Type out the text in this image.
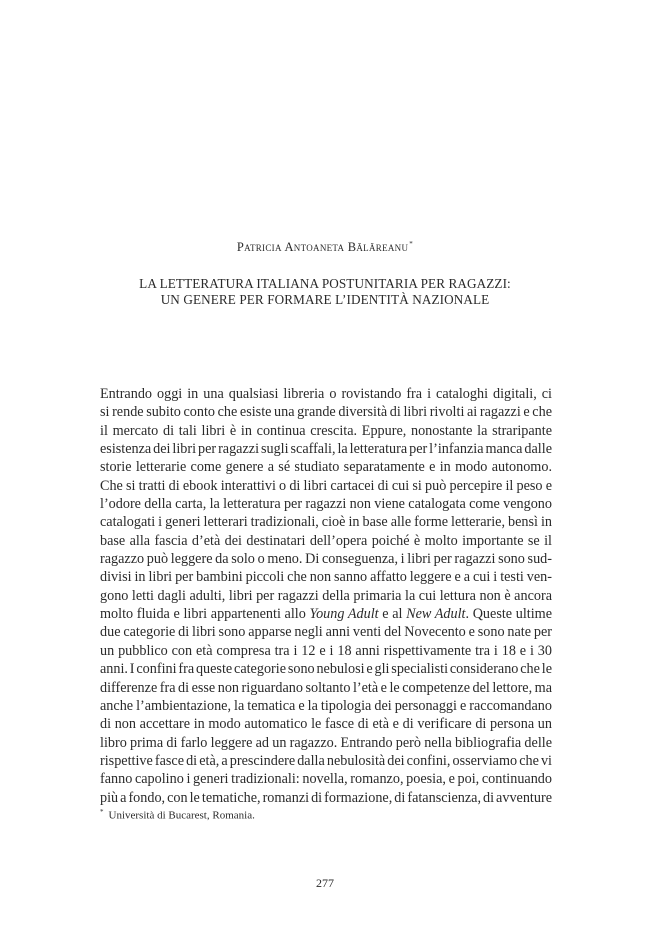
Patricia Antoaneta Bălăreanu*
LA LETTERATURA ITALIANA POSTUNITARIA PER RAGAZZI:
UN GENERE PER FORMARE L’IDENTITÀ NAZIONALE
Entrando oggi in una qualsiasi libreria o rovistando fra i cataloghi digitali, ci
si rende subito conto che esiste una grande diversità di libri rivolti ai ragazzi e che
il mercato di tali libri è in continua crescita. Eppure, nonostante la straripante
esistenza dei libri per ragazzi sugli scaffali, la letteratura per l’infanzia manca dalle
storie letterarie come genere a sé studiato separatamente e in modo autonomo.
Che si tratti di ebook interattivi o di libri cartacei di cui si può percepire il peso e
l’odore della carta, la letteratura per ragazzi non viene catalogata come vengono
catalogati i generi letterari tradizionali, cioè in base alle forme letterarie, bensì in
base alla fascia d’età dei destinatari dell’opera poiché è molto importante se il
ragazzo può leggere da solo o meno. Di conseguenza, i libri per ragazzi sono sud-
divisi in libri per bambini piccoli che non sanno affatto leggere e a cui i testi ven-
gono letti dagli adulti, libri per ragazzi della primaria la cui lettura non è ancora
molto fluida e libri appartenenti allo Young Adult e al New Adult. Queste ultime
due categorie di libri sono apparse negli anni venti del Novecento e sono nate per
un pubblico con età compresa tra i 12 e i 18 anni rispettivamente tra i 18 e i 30
anni. I confini fra queste categorie sono nebulosi e gli specialisti considerano che le
differenze fra di esse non riguardano soltanto l’età e le competenze del lettore, ma
anche l’ambientazione, la tematica e la tipologia dei personaggi e raccomandano
di non accettare in modo automatico le fasce di età e di verificare di persona un
libro prima di farlo leggere ad un ragazzo. Entrando però nella bibliografia delle
rispettive fasce di età, a prescindere dalla nebulosità dei confini, osserviamo che vi
fanno capolino i generi tradizionali: novella, romanzo, poesia, e poi, continuando
più a fondo, con le tematiche, romanzi di formazione, di fatanscienza, di avventure
* Università di Bucarest, Romania.
277
